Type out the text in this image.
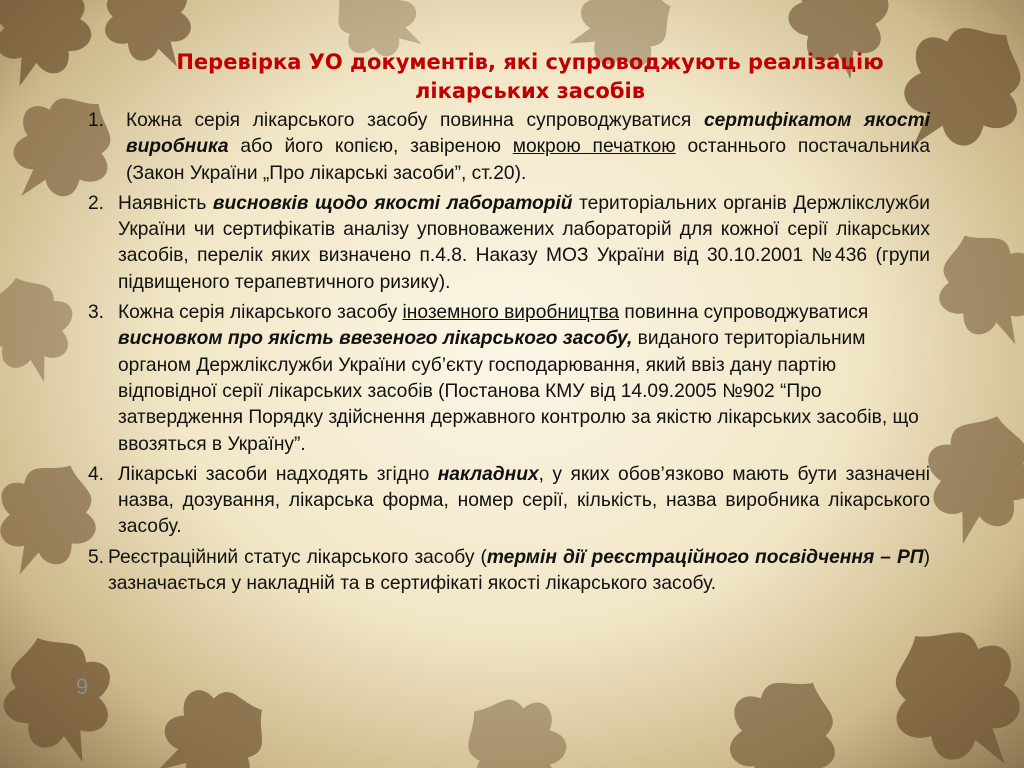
Перевірка УО документів, які супроводжують реалізацію лікарських засобів
1. Кожна серія лікарського засобу повинна супроводжуватися сертифікатом якості виробника або його копією, завіреною мокрою печаткою останнього постачальника (Закон України „Про лікарські засоби”, ст.20).
2. Наявність висновків щодо якості лабораторій територіальних органів Держлікслужби України чи сертифікатів аналізу уповноважених лабораторій для кожної серії лікарських засобів, перелік яких визначено п.4.8. Наказу МОЗ України від 30.10.2001 №436 (групи підвищеного терапевтичного ризику).
3. Кожна серія лікарського засобу іноземного виробництва повинна супроводжуватися висновком про якість ввезеного лікарського засобу, виданого територіальним органом Держлікслужби України суб’єкту господарювання, який ввіз дану партію відповідної серії лікарських засобів (Постанова КМУ від 14.09.2005 №902 “Про затвердження Порядку здійснення державного контролю за якістю лікарських засобів, що ввозяться в Україну”.
4. Лікарські засоби надходять згідно накладних, у яких обов’язково мають бути зазначені назва, дозування, лікарська форма, номер серії, кількість, назва виробника лікарського засобу.
5. Реєстраційний статус лікарського засобу (термін дії реєстраційного посвідчення – РП) зазначається у накладній та в сертифікаті якості лікарського засобу.
9
